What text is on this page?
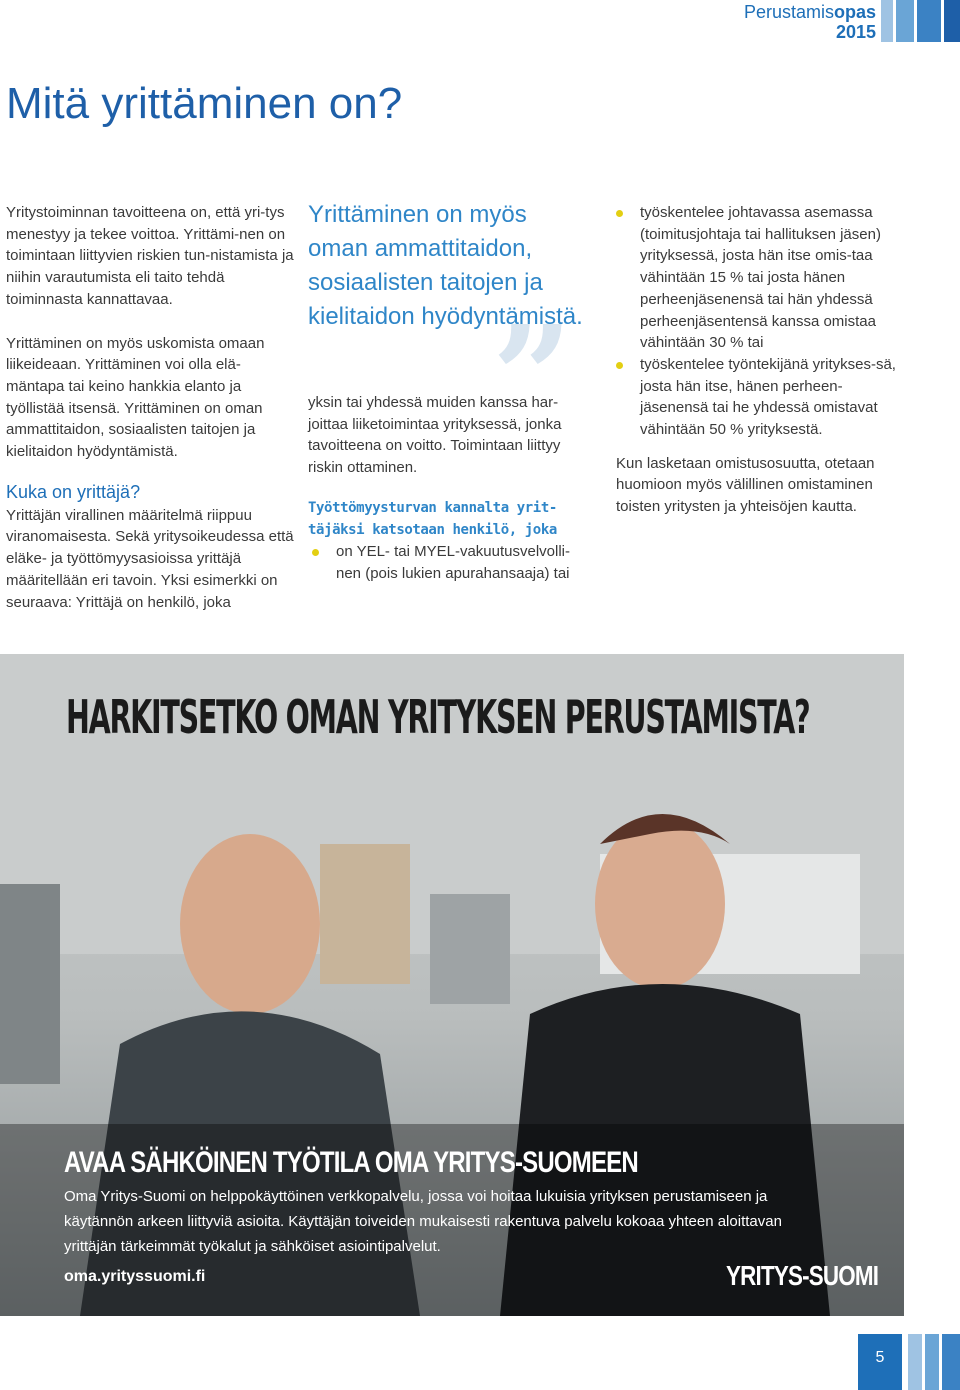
Perustamisopas
2015
Mitä yrittäminen on?

Yritystoiminnan tavoitteena on, että yri-tys menestyy ja tekee voittoa. Yrittämi-nen on toimintaan liittyvien riskien tun-nistamista ja niihin varautumista eli taito tehdä toiminnasta kannattavaa.

Yrittäminen on myös uskomista omaan liikeideaan. Yrittäminen voi olla elä-mäntapa tai keino hankkia elanto ja työllistää itsensä. Yrittäminen on oman ammattitaidon, sosiaalisten taitojen ja kielitaidon hyödyntämistä.

Kuka on yrittäjä?

Yrittäjän virallinen määritelmä riippuu viranomaisesta. Sekä yritysoikeudessa että eläke- ja työttömyysasioissa yrittäjä määritellään eri tavoin. Yksi esimerkki on seuraava: Yrittäjä on henkilö, joka

”
Yrittäminen on myös oman ammattitaidon, sosiaalisten taitojen ja kielitaidon hyödyntämistä.
yksin tai yhdessä muiden kanssa har-joittaa liiketoimintaa yrityksessä, jonka tavoitteena on voitto. Toimintaan liittyy riskin ottaminen.
Työttömyysturvan kannalta yrit-täjäksi katsotaan henkilö, joka
on YEL- tai MYEL-vakuutusvelvolli-nen (pois lukien apurahansaaja) tai
työskentelee johtavassa asemassa (toimitusjohtaja tai hallituksen jäsen) yrityksessä, josta hän itse omis-taa vähintään 15 % tai josta hänen perheenjäsenensä tai hän yhdessä perheenjäsentensä kanssa omistaa vähintään 30 % tai
työskentelee työntekijänä yritykses-sä, josta hän itse, hänen perheen-jäsenensä tai he yhdessä omistavat vähintään 50 % yrityksestä.

Kun lasketaan omistusosuutta, otetaan huomioon myös välillinen omistaminen toisten yritysten ja yhteisöjen kautta.

HARKITSETKO OMAN YRITYKSEN PERUSTAMISTA?
AVAA SÄHKÖINEN TYÖTILA OMA YRITYS-SUOMEEN
Oma Yritys-Suomi on helppokäyttöinen verkkopalvelu, jossa voi hoitaa lukuisia yrityksen perustamiseen ja käytännön arkeen liittyviä asioita. Käyttäjän toiveiden mukaisesti rakentuva palvelu kokoaa yhteen aloittavan yrittäjän tärkeimmät työkalut ja sähköiset asiointipalvelut.
oma.yrityssuomi.fi	YRITYS-SUOMI
5
